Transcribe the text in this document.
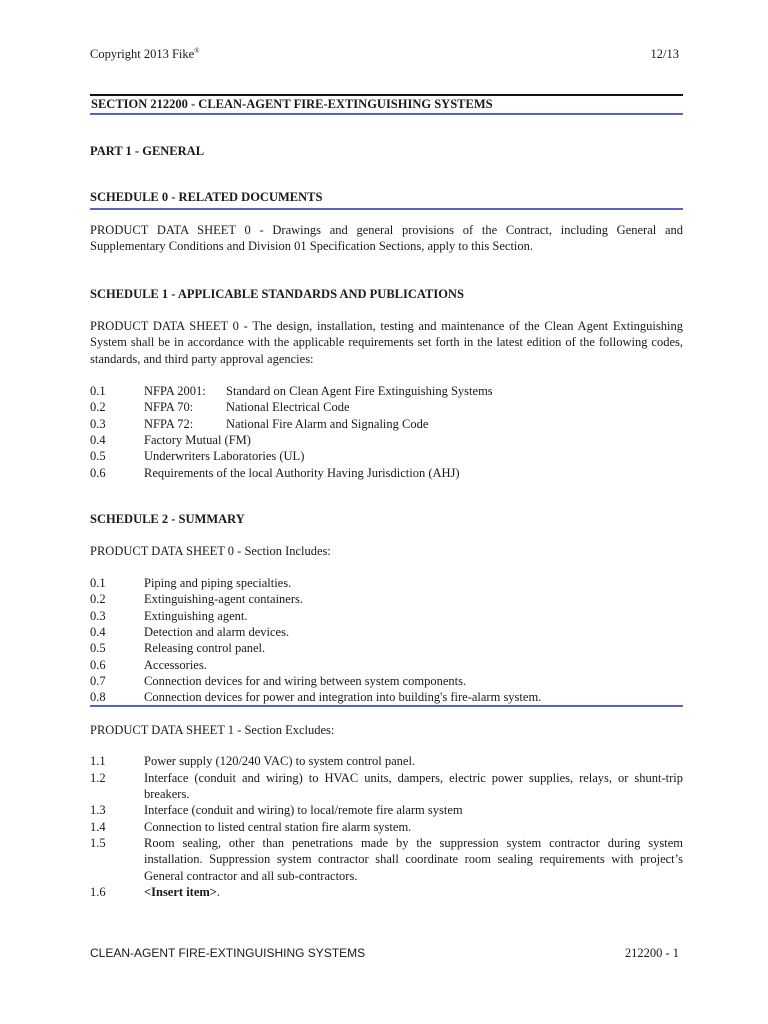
Copyright 2013 Fike®	12/13
SECTION 212200 - CLEAN-AGENT FIRE-EXTINGUISHING SYSTEMS
PART 1 - GENERAL
SCHEDULE 0 - RELATED DOCUMENTS
PRODUCT DATA SHEET 0 - Drawings and general provisions of the Contract, including General and Supplementary Conditions and Division 01 Specification Sections, apply to this Section.
SCHEDULE 1 - APPLICABLE STANDARDS AND PUBLICATIONS
PRODUCT DATA SHEET 0 - The design, installation, testing and maintenance of the Clean Agent Extinguishing System shall be in accordance with the applicable requirements set forth in the latest edition of the following codes, standards, and third party approval agencies:
0.1	NFPA 2001: Standard on Clean Agent Fire Extinguishing Systems
0.2	NFPA 70:	National Electrical Code
0.3	NFPA 72:	National Fire Alarm and Signaling Code
0.4	Factory Mutual (FM)
0.5	Underwriters Laboratories (UL)
0.6	Requirements of the local Authority Having Jurisdiction (AHJ)
SCHEDULE 2 - SUMMARY
PRODUCT DATA SHEET 0 - Section Includes:
0.1	Piping and piping specialties.
0.2	Extinguishing-agent containers.
0.3	Extinguishing agent.
0.4	Detection and alarm devices.
0.5	Releasing control panel.
0.6	Accessories.
0.7	Connection devices for and wiring between system components.
0.8	Connection devices for power and integration into building's fire-alarm system.
PRODUCT DATA SHEET 1 - Section Excludes:
1.1	Power supply (120/240 VAC) to system control panel.
1.2	Interface (conduit and wiring) to HVAC units, dampers, electric power supplies, relays, or shunt-trip breakers.
1.3	Interface (conduit and wiring) to local/remote fire alarm system
1.4	Connection to listed central station fire alarm system.
1.5	Room sealing, other than penetrations made by the suppression system contractor during system installation. Suppression system contractor shall coordinate room sealing requirements with project’s General contractor and all sub-contractors.
1.6	<Insert item>.
CLEAN-AGENT FIRE-EXTINGUISHING SYSTEMS	212200 - 1
